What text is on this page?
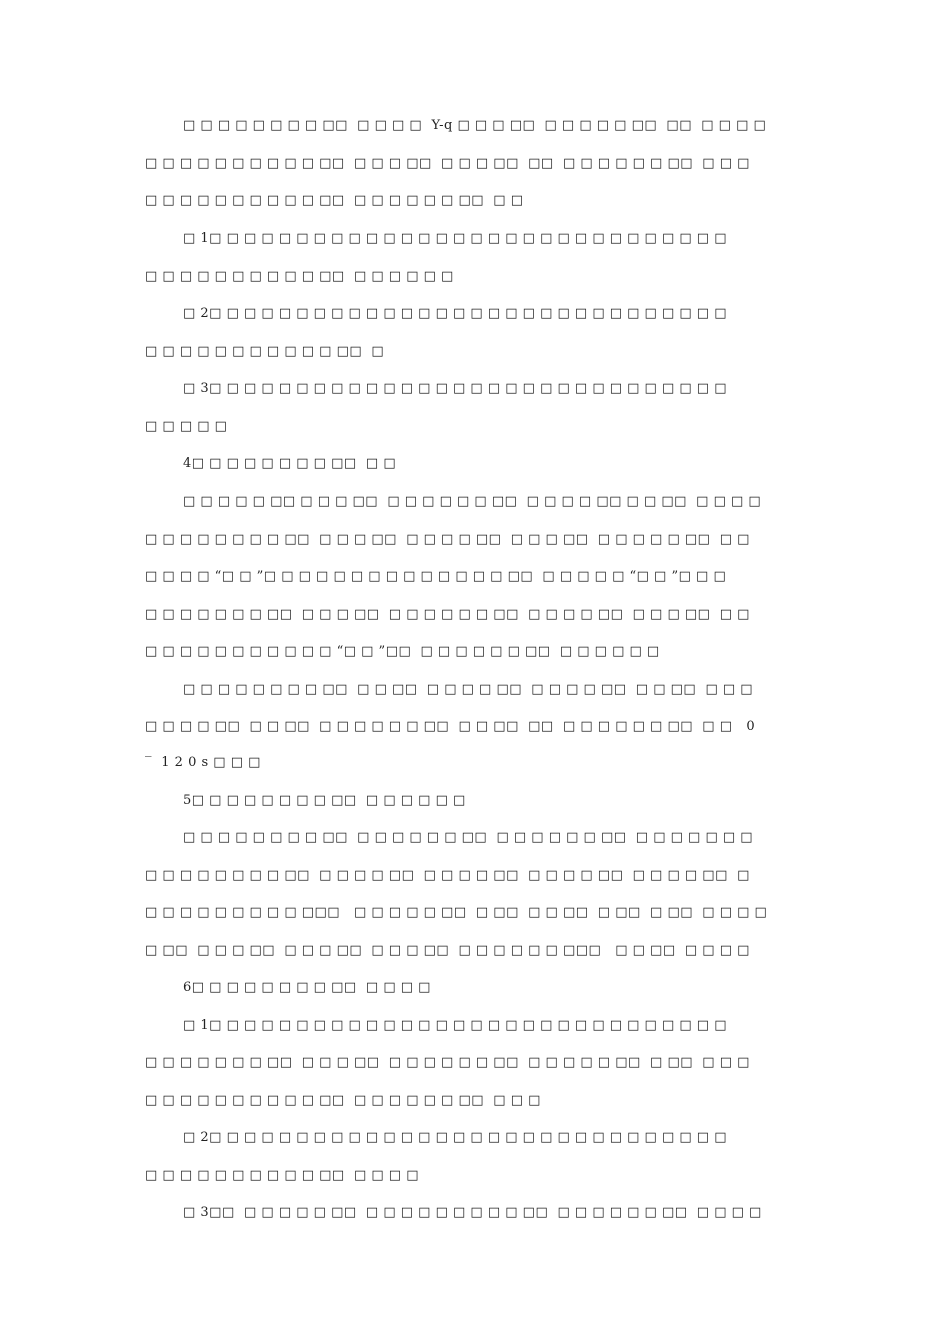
□ □ □ □ □ □ □ □ □□  □ □ □ □  Y-q □ □ □ □□  □ □ □ □ □ □□  □□  □ □ □ □
□ □ □ □ □ □ □ □ □ □ □□  □ □ □ □□  □ □ □ □□  □□  □ □ □ □ □ □ □□  □ □ □
□ □ □ □ □ □ □ □ □ □ □□  □ □ □ □ □ □ □□  □ □
□ 1□ □ □ □ □ □ □ □ □ □ □ □ □ □ □ □ □ □ □ □ □ □ □ □ □ □ □ □ □ □
□ □ □ □ □ □ □ □ □ □ □□  □ □ □ □ □ □
□ 2□ □ □ □ □ □ □ □ □ □ □ □ □ □ □ □ □ □ □ □ □ □ □ □ □ □ □ □ □ □
□ □ □ □ □ □ □ □ □ □ □ □□  □
□ 3□ □ □ □ □ □ □ □ □ □ □ □ □ □ □ □ □ □ □ □ □ □ □ □ □ □ □ □ □ □
□ □ □ □ □
4□ □ □ □ □ □ □ □ □□  □ □
□ □ □ □ □ □□ □ □ □ □□  □ □ □ □ □ □ □□  □ □ □ □ □□ □ □ □□  □ □ □ □
□ □ □ □ □ □ □ □ □□  □ □ □ □□  □ □ □ □ □□  □ □ □ □□  □ □ □ □ □ □□  □ □
□ □ □ □ “□ □ ”□ □ □ □ □ □ □ □ □ □ □ □ □ □ □□  □ □ □ □ □ “□ □ ”□ □ □
□ □ □ □ □ □ □ □□  □ □ □ □□  □ □ □ □ □ □ □□  □ □ □ □ □□  □ □ □ □□  □ □
□ □ □ □ □ □ □ □ □ □ □ “□ □ ”□□  □ □ □ □ □ □ □□  □ □ □ □ □ □
□ □ □ □ □ □ □ □ □□  □ □ □□  □ □ □ □ □□  □ □ □ □ □□  □ □ □□  □ □ □
□ □ □ □ □□  □ □ □□  □ □ □ □ □ □ □□  □ □ □□  □□  □ □ □ □ □ □ □□  □ □   0
‾  1 2 0 s □ □ □
5□ □ □ □ □ □ □ □ □□  □ □ □ □ □ □
□ □ □ □ □ □ □ □ □□  □ □ □ □ □ □ □□  □ □ □ □ □ □ □□  □ □ □ □ □ □ □
□ □ □ □ □ □ □ □ □□  □ □ □ □ □□  □ □ □ □ □□  □ □ □ □ □□  □ □ □ □ □□  □
□ □ □ □ □ □ □ □ □ □□□   □ □ □ □ □ □□  □ □□  □ □ □□  □ □□  □ □□  □ □ □ □
□ □□  □ □ □ □□  □ □ □ □□  □ □ □ □□  □ □ □ □ □ □ □□□   □ □ □□  □ □ □ □
6□ □ □ □ □ □ □ □ □□  □ □ □ □
□ 1□ □ □ □ □ □ □ □ □ □ □ □ □ □ □ □ □ □ □ □ □ □ □ □ □ □ □ □ □ □
□ □ □ □ □ □ □ □□  □ □ □ □□  □ □ □ □ □ □ □□  □ □ □ □ □ □□  □ □□  □ □ □
□ □ □ □ □ □ □ □ □ □ □□  □ □ □ □ □ □ □□  □ □ □
□ 2□ □ □ □ □ □ □ □ □ □ □ □ □ □ □ □ □ □ □ □ □ □ □ □ □ □ □ □ □ □
□ □ □ □ □ □ □ □ □ □ □□  □ □ □ □
□ 3□□  □ □ □ □ □ □□  □ □ □ □ □ □ □ □ □ □□  □ □ □ □ □ □ □□  □ □ □ □
